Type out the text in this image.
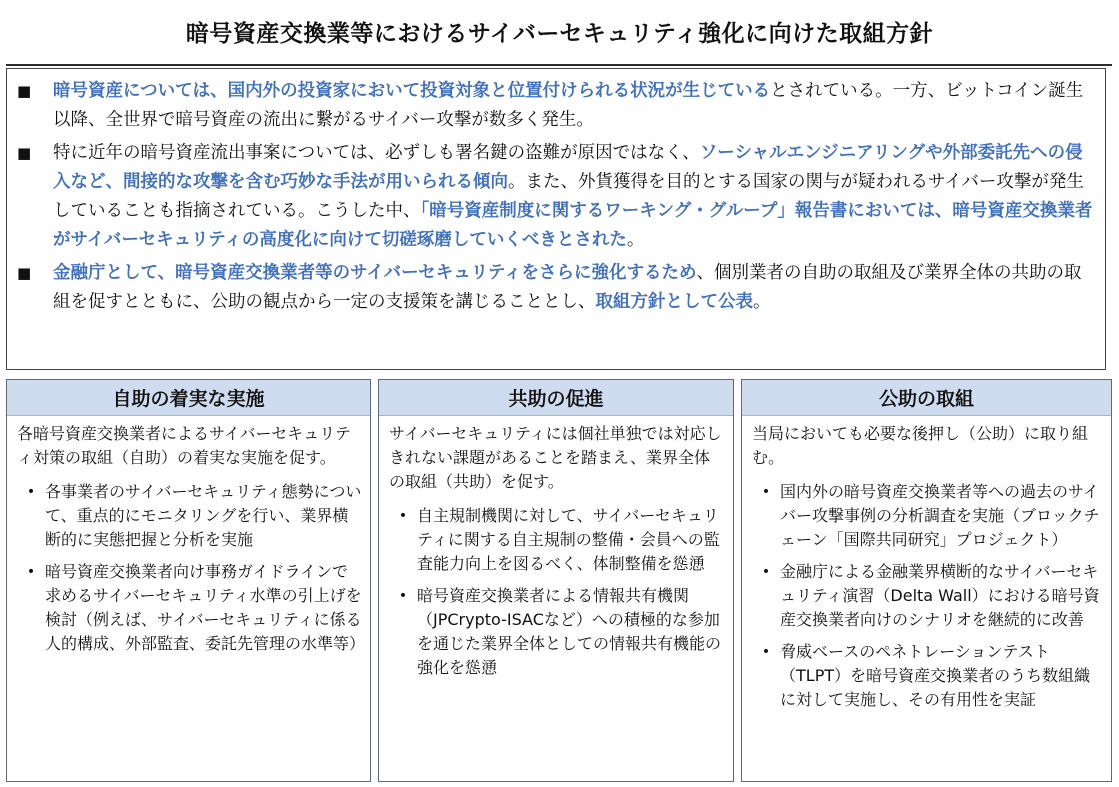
暗号資産交換業等におけるサイバーセキュリティ強化に向けた取組方針
■	暗号資産については、国内外の投資家において投資対象と位置付けられる状況が生じているとされている。一方、ビットコイン誕生以降、全世界で暗号資産の流出に繋がるサイバー攻撃が数多く発生。
■	特に近年の暗号資産流出事案については、必ずしも署名鍵の盗難が原因ではなく、ソーシャルエンジニアリングや外部委託先への侵入など、間接的な攻撃を含む巧妙な手法が用いられる傾向。また、外貨獲得を目的とする国家の関与が疑われるサイバー攻撃が発生していることも指摘されている。こうした中、「暗号資産制度に関するワーキング・グループ」報告書においては、暗号資産交換業者がサイバーセキュリティの高度化に向けて切磋琢磨していくべきとされた。
■	金融庁として、暗号資産交換業者等のサイバーセキュリティをさらに強化するため、個別業者の自助の取組及び業界全体の共助の取組を促すとともに、公助の観点から一定の支援策を講じることとし、取組方針として公表。
自助の着実な実施
各暗号資産交換業者によるサイバーセキュリティ対策の取組（自助）の着実な実施を促す。
• 各事業者のサイバーセキュリティ態勢について、重点的にモニタリングを行い、業界横断的に実態把握と分析を実施
• 暗号資産交換業者向け事務ガイドラインで求めるサイバーセキュリティ水準の引上げを検討（例えば、サイバーセキュリティに係る人的構成、外部監査、委託先管理の水準等）
共助の促進
サイバーセキュリティには個社単独では対応しきれない課題があることを踏まえ、業界全体の取組（共助）を促す。
• 自主規制機関に対して、サイバーセキュリティに関する自主規制の整備・会員への監査能力向上を図るべく、体制整備を慫慂
• 暗号資産交換業者による情報共有機関（JPCrypto-ISACなど）への積極的な参加を通じた業界全体としての情報共有機能の強化を慫慂
公助の取組
当局においても必要な後押し（公助）に取り組む。
• 国内外の暗号資産交換業者等への過去のサイバー攻撃事例の分析調査を実施（ブロックチェーン「国際共同研究」プロジェクト）
• 金融庁による金融業界横断的なサイバーセキュリティ演習（Delta Wall）における暗号資産交換業者向けのシナリオを継続的に改善
• 脅威ベースのペネトレーションテスト（TLPT）を暗号資産交換業者のうち数組織に対して実施し、その有用性を実証
